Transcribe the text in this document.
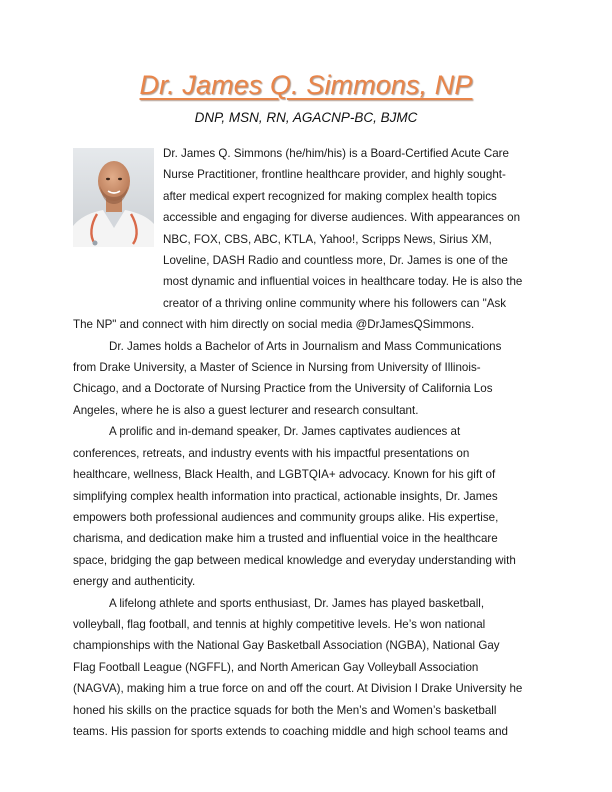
Dr. James Q. Simmons, NP
DNP, MSN, RN, AGACNP-BC, BJMC

Dr. James Q. Simmons (he/him/his) is a Board-Certified Acute Care Nurse Practitioner, frontline healthcare provider, and highly sought-after medical expert recognized for making complex health topics accessible and engaging for diverse audiences. With appearances on NBC, FOX, CBS, ABC, KTLA, Yahoo!, Scripps News, Sirius XM, Loveline, DASH Radio and countless more, Dr. James is one of the most dynamic and influential voices in healthcare today. He is also the creator of a thriving online community where his followers can "Ask The NP" and connect with him directly on social media @DrJamesQSimmons.

Dr. James holds a Bachelor of Arts in Journalism and Mass Communications from Drake University, a Master of Science in Nursing from University of Illinois-Chicago, and a Doctorate of Nursing Practice from the University of California Los Angeles, where he is also a guest lecturer and research consultant.

A prolific and in-demand speaker, Dr. James captivates audiences at conferences, retreats, and industry events with his impactful presentations on healthcare, wellness, Black Health, and LGBTQIA+ advocacy. Known for his gift of simplifying complex health information into practical, actionable insights, Dr. James empowers both professional audiences and community groups alike. His expertise, charisma, and dedication make him a trusted and influential voice in the healthcare space, bridging the gap between medical knowledge and everyday understanding with energy and authenticity.

A lifelong athlete and sports enthusiast, Dr. James has played basketball, volleyball, flag football, and tennis at highly competitive levels. He’s won national championships with the National Gay Basketball Association (NGBA), National Gay Flag Football League (NGFFL), and North American Gay Volleyball Association (NAGVA), making him a true force on and off the court. At Division I Drake University he honed his skills on the practice squads for both the Men’s and Women’s basketball teams. His passion for sports extends to coaching middle and high school teams and
